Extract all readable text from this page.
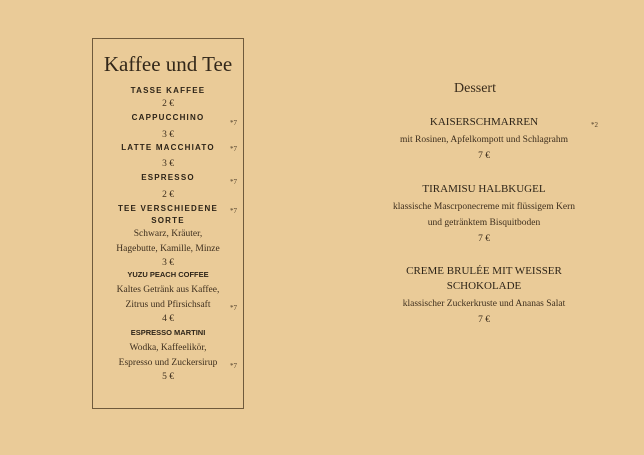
Kaffee und Tee
TASSE KAFFEE
2 €
CAPPUCCHINO
3 €
*7
LATTE MACCHIATO
3 €
*7
ESPRESSO
2 €
*7
TEE VERSCHIEDENE
SORTE
Schwarz, Kräuter,
Hagebutte, Kamille, Minze
3 €
*7
YUZU PEACH COFFEE
Kaltes Getränk aus Kaffee,
Zitrus und Pfirsichsaft
4 €
*7
ESPRESSO MARTINI
Wodka, Kaffeelikör,
Espresso und Zuckersirup
5 €
*7
Dessert
KAISERSCHMARREN
mit Rosinen, Apfelkompott und Schlagrahm
7 €
*2
TIRAMISU HALBKUGEL
klassische Mascrponecreme mit flüssigem Kern
und getränktem Bisquitboden
7 €
CREME BRULÉE MIT WEISSER
SCHOKOLADE
klassischer Zuckerkruste und Ananas Salat
7 €
